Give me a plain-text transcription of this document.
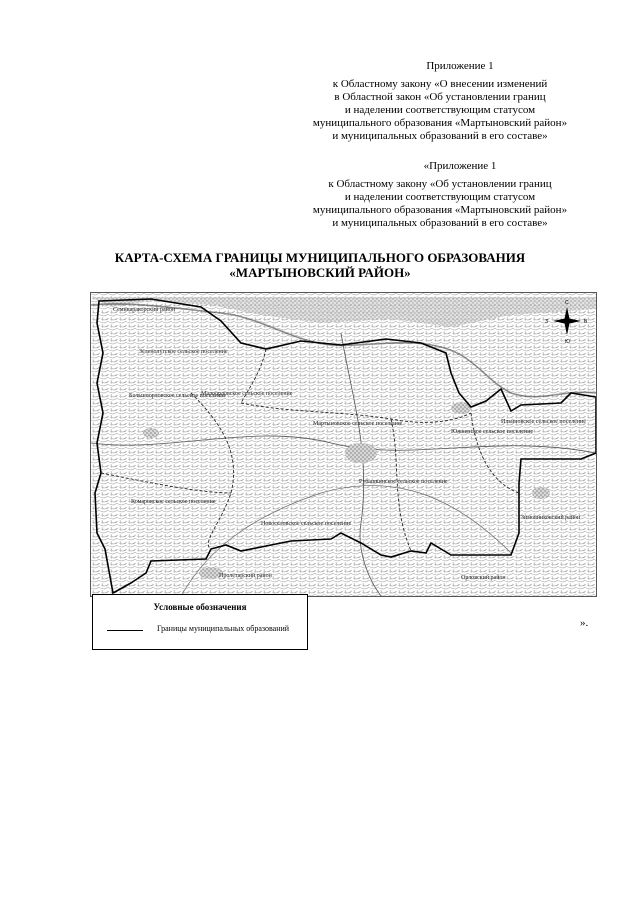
Приложение 1
к Областному закону «О внесении изменений
в Областной закон «Об установлении границ
и наделении соответствующим статусом
муниципального образования «Мартыновский район»
и муниципальных образований в его составе»
«Приложение 1
к Областному закону «Об установлении границ
и наделении соответствующим статусом
муниципального образования «Мартыновский район»
и муниципальных образований в его составе»
КАРТА-СХЕМА ГРАНИЦЫ МУНИЦИПАЛЬНОГО ОБРАЗОВАНИЯ
«МАРТЫНОВСКИЙ РАЙОН»
Семикаракорский район
Зеленолугское сельское поселение
Большоорловское сельское поселение
Малоорловское сельское поселение
Мартыновское сельское поселение
Южненское сельское поселение
Ильиновское сельское поселение
Рубашкинское сельское поселение
Комаровское сельское поселение
Новоселовское сельское поселение
Пролетарский район
Зимовниковский район
Орловский район
С
Ю
З	В
Условные обозначения
Границы муниципальных образований	».
